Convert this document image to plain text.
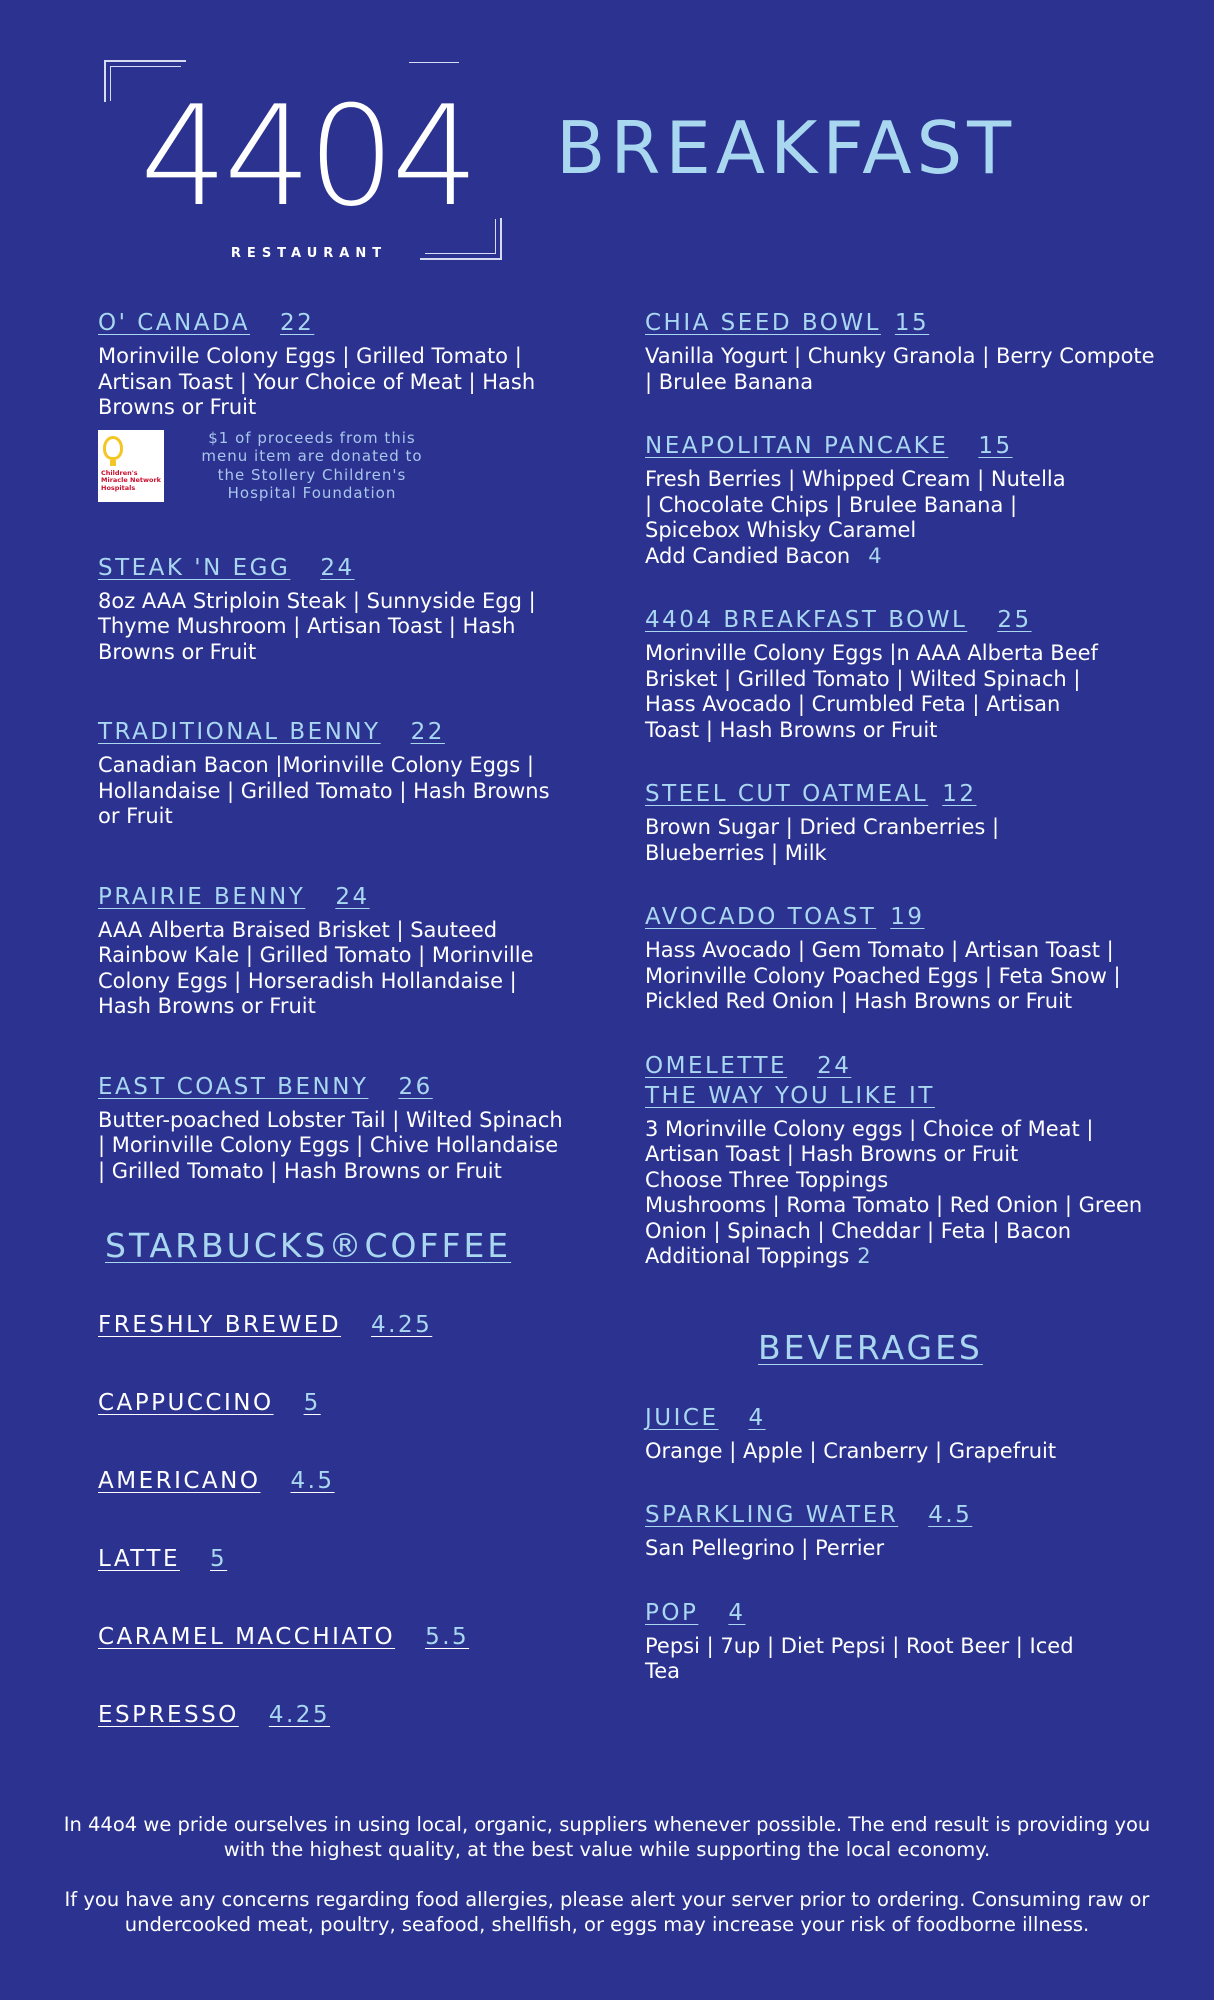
4404
RESTAURANT
BREAKFAST
O' CANADA 22
Morinville Colony Eggs | Grilled Tomato | Artisan Toast | Your Choice of Meat | Hash Browns or Fruit
Children's Miracle Network Hospitals
$1 of proceeds from this menu item are donated to the Stollery Children's Hospital Foundation
STEAK 'N EGG 24
8oz AAA Striploin Steak | Sunnyside Egg | Thyme Mushroom | Artisan Toast | Hash Browns or Fruit
TRADITIONAL BENNY 22
Canadian Bacon |Morinville Colony Eggs | Hollandaise | Grilled Tomato | Hash Browns or Fruit
PRAIRIE BENNY 24
AAA Alberta Braised Brisket | Sauteed Rainbow Kale | Grilled Tomato | Morinville Colony Eggs | Horseradish Hollandaise | Hash Browns or Fruit
EAST COAST BENNY 26
Butter-poached Lobster Tail | Wilted Spinach | Morinville Colony Eggs | Chive Hollandaise | Grilled Tomato | Hash Browns or Fruit
STARBUCKS®COFFEE
FRESHLY BREWED 4.25
CAPPUCCINO 5
AMERICANO 4.5
LATTE 5
CARAMEL MACCHIATO 5.5
ESPRESSO 4.25
CHIA SEED BOWL 15
Vanilla Yogurt | Chunky Granola | Berry Compote | Brulee Banana
NEAPOLITAN PANCAKE 15
Fresh Berries | Whipped Cream | Nutella | Chocolate Chips | Brulee Banana | Spicebox Whisky Caramel
Add Candied Bacon 4
4404 BREAKFAST BOWL 25
Morinville Colony Eggs |n AAA Alberta Beef Brisket | Grilled Tomato | Wilted Spinach | Hass Avocado | Crumbled Feta | Artisan Toast | Hash Browns or Fruit
STEEL CUT OATMEAL 12
Brown Sugar | Dried Cranberries | Blueberries | Milk
AVOCADO TOAST 19
Hass Avocado | Gem Tomato | Artisan Toast | Morinville Colony Poached Eggs | Feta Snow | Pickled Red Onion | Hash Browns or Fruit
OMELETTE 24
THE WAY YOU LIKE IT
3 Morinville Colony eggs | Choice of Meat | Artisan Toast | Hash Browns or Fruit
Choose Three Toppings
Mushrooms | Roma Tomato | Red Onion | Green Onion | Spinach | Cheddar | Feta | Bacon
Additional Toppings 2
BEVERAGES
JUICE 4
Orange | Apple | Cranberry | Grapefruit
SPARKLING WATER 4.5
San Pellegrino | Perrier
POP 4
Pepsi | 7up | Diet Pepsi | Root Beer | Iced Tea

In 44o4 we pride ourselves in using local, organic, suppliers whenever possible. The end result is providing you with the highest quality, at the best value while supporting the local economy.

If you have any concerns regarding food allergies, please alert your server prior to ordering. Consuming raw or undercooked meat, poultry, seafood, shellfish, or eggs may increase your risk of foodborne illness.
